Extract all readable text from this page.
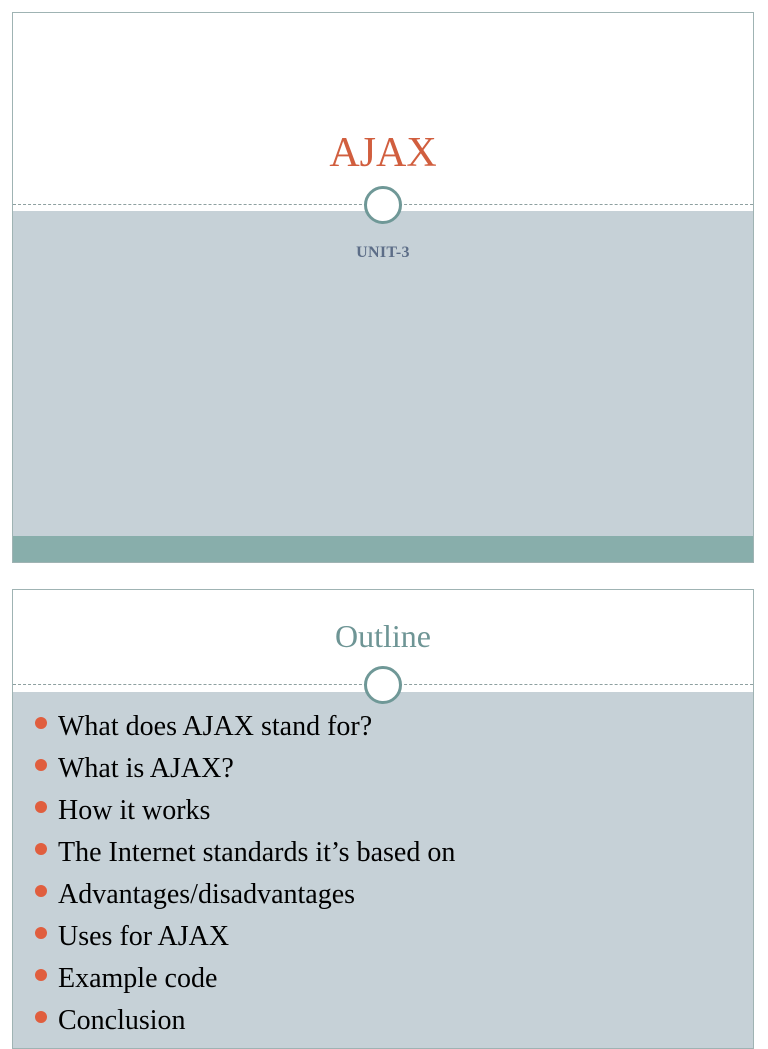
AJAX
UNIT-3
Outline
What does AJAX stand for?
What is AJAX?
How it works
The Internet standards it’s based on
Advantages/disadvantages
Uses for AJAX
Example code
Conclusion
